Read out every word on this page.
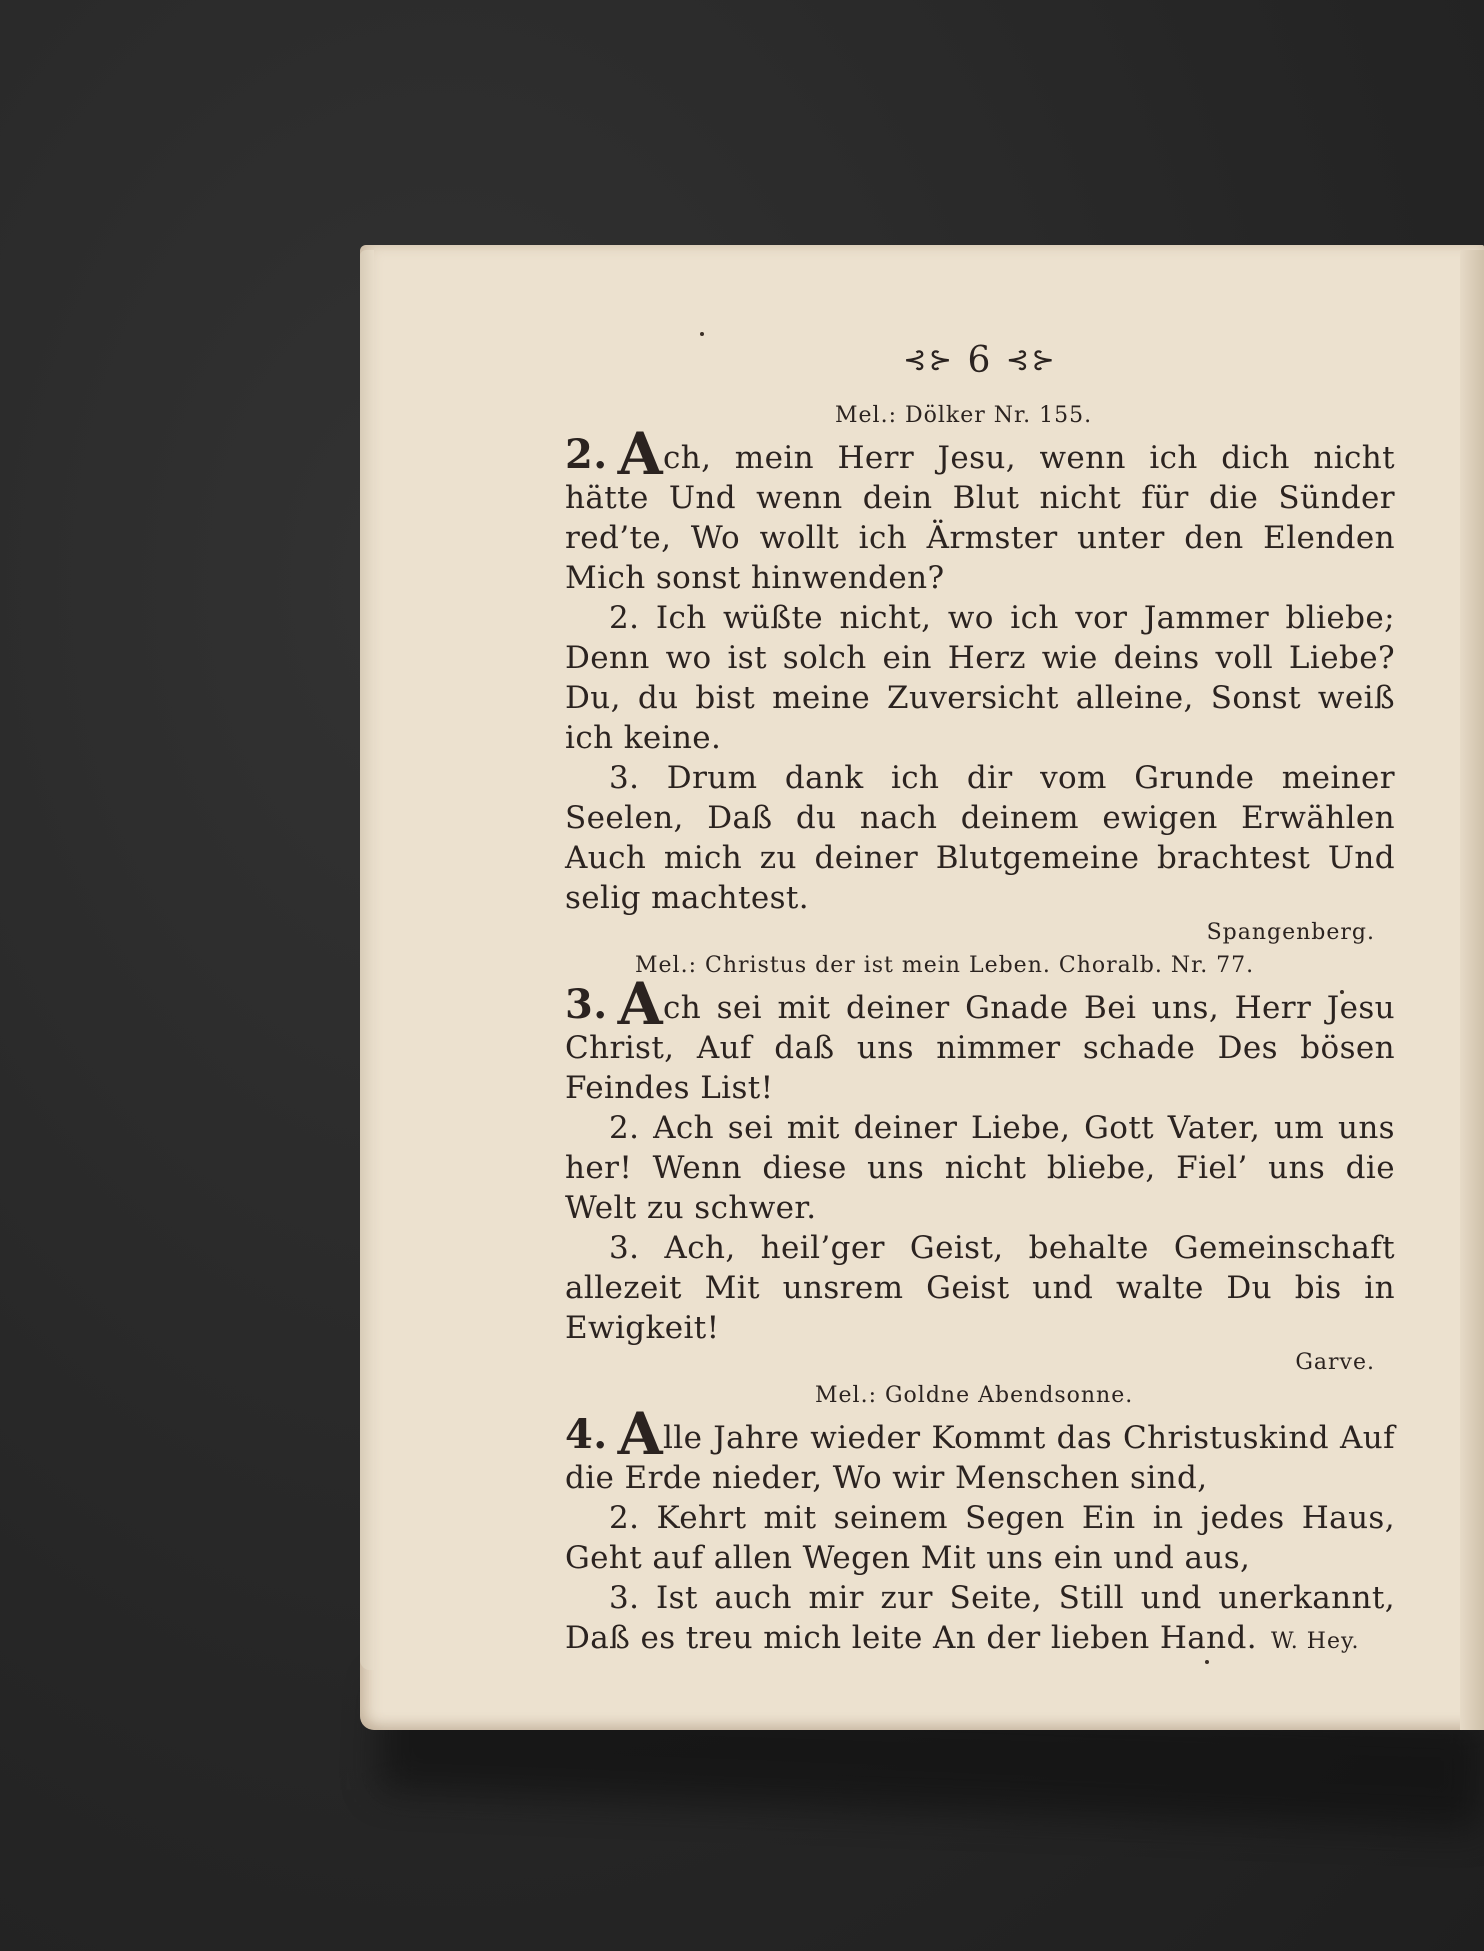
⊰⊱ 6 ⊰⊱
Mel.: Dölker Nr. 155.
2. Ach, mein Herr Jesu, wenn ich dich nicht hätte Und wenn dein Blut nicht für die Sünder red’te, Wo wollt ich Ärmster unter den Elenden Mich sonst hinwenden?
2. Ich wüßte nicht, wo ich vor Jammer bliebe; Denn wo ist solch ein Herz wie deins voll Liebe? Du, du bist meine Zuversicht alleine, Sonst weiß ich keine.
3. Drum dank ich dir vom Grunde meiner Seelen, Daß du nach deinem ewigen Erwählen Auch mich zu deiner Blutgemeine brachtest Und selig machtest.
Spangenberg.
Mel.: Christus der ist mein Leben. Choralb. Nr. 77.
3. Ach sei mit deiner Gnade Bei uns, Herr Jesu Christ, Auf daß uns nimmer schade Des bösen Feindes List!
2. Ach sei mit deiner Liebe, Gott Vater, um uns her! Wenn diese uns nicht bliebe, Fiel’ uns die Welt zu schwer.
3. Ach, heil’ger Geist, behalte Gemeinschaft allezeit Mit unsrem Geist und walte Du bis in Ewigkeit!
Garve.
Mel.: Goldne Abendsonne.
4. Alle Jahre wieder Kommt das Christuskind Auf die Erde nieder, Wo wir Menschen sind,
2. Kehrt mit seinem Segen Ein in jedes Haus, Geht auf allen Wegen Mit uns ein und aus,
3. Ist auch mir zur Seite, Still und unerkannt, Daß es treu mich leite An der lieben Hand. W. Hey.
